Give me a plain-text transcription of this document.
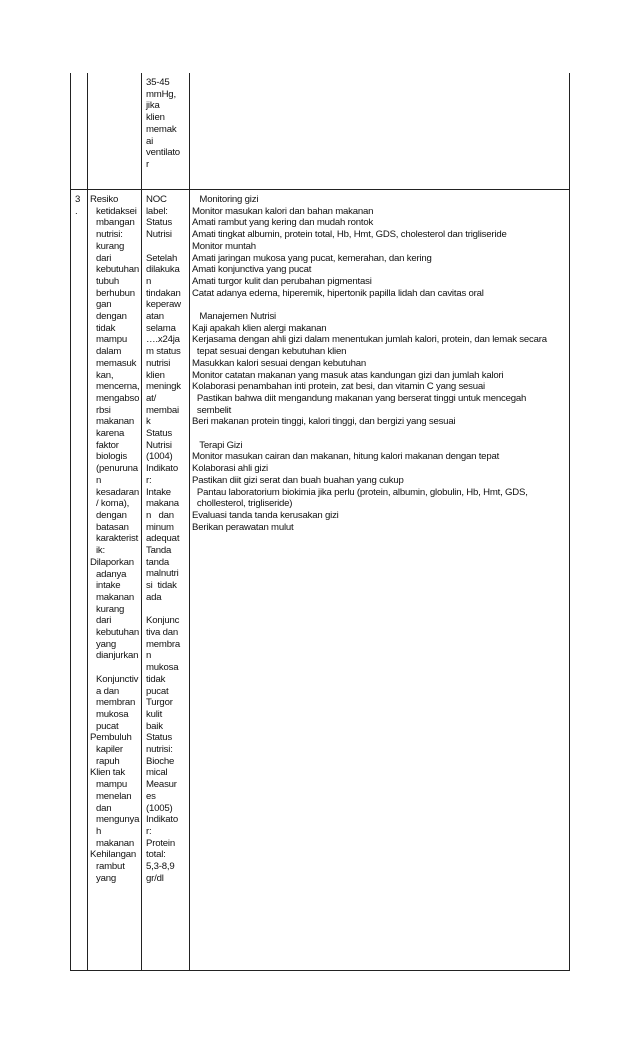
35-45
mmHg,
jika
klien
memak
ai
ventilato
r
3
.
Resiko
ketidaksei
mbangan
nutrisi:
kurang
dari
kebutuhan
tubuh
berhubun
gan
dengan
tidak
mampu
dalam
memasuk
kan,
mencerna,
mengabso
rbsi
makanan
karena
faktor
biologis
(penuruna
n
kesadaran
/ koma),
dengan
batasan
karakterist
ik:
Dilaporkan
adanya
intake
makanan
kurang
dari
kebutuhan
yang
dianjurkan
Konjunctiv
a dan
membran
mukosa
pucat
Pembuluh
kapiler
rapuh
Klien tak
mampu
menelan
dan
mengunya
h
makanan
Kehilangan
rambut
yang
NOC
label:
Status
Nutrisi
Setelah
dilakuka
n
tindakan
keperaw
atan
selama
….x24ja
m status
nutrisi
klien
meningk
at/
membai
k
Status
Nutrisi
(1004)
Indikato
r:
Intake
makana
n   dan
minum
adequat
Tanda
tanda
malnutri
si  tidak
ada
Konjunc
tiva dan
membra
n
mukosa
tidak
pucat
Turgor
kulit
baik
Status
nutrisi:
Bioche
mical
Measur
es
(1005)
Indikato
r:
Protein
total:
5,3-8,9
gr/dl
Monitoring gizi
Monitor masukan kalori dan bahan makanan
Amati rambut yang kering dan mudah rontok
Amati tingkat albumin, protein total, Hb, Hmt, GDS, cholesterol dan trigliseride
Monitor muntah
Amati jaringan mukosa yang pucat, kemerahan, dan kering
Amati konjunctiva yang pucat
Amati turgor kulit dan perubahan pigmentasi
Catat adanya edema, hiperemik, hipertonik papilla lidah dan cavitas oral
Manajemen Nutrisi
Kaji apakah klien alergi makanan
Kerjasama dengan ahli gizi dalam menentukan jumlah kalori, protein, dan lemak secara
tepat sesuai dengan kebutuhan klien
Masukkan kalori sesuai dengan kebutuhan
Monitor catatan makanan yang masuk atas kandungan gizi dan jumlah kalori
Kolaborasi penambahan inti protein, zat besi, dan vitamin C yang sesuai
Pastikan bahwa diit mengandung makanan yang berserat tinggi untuk mencegah
sembelit
Beri makanan protein tinggi, kalori tinggi, dan bergizi yang sesuai
Terapi Gizi
Monitor masukan cairan dan makanan, hitung kalori makanan dengan tepat
Kolaborasi ahli gizi
Pastikan diit gizi serat dan buah buahan yang cukup
Pantau laboratorium biokimia jika perlu (protein, albumin, globulin, Hb, Hmt, GDS,
chollesterol, trigliseride)
Evaluasi tanda tanda kerusakan gizi
Berikan perawatan mulut
